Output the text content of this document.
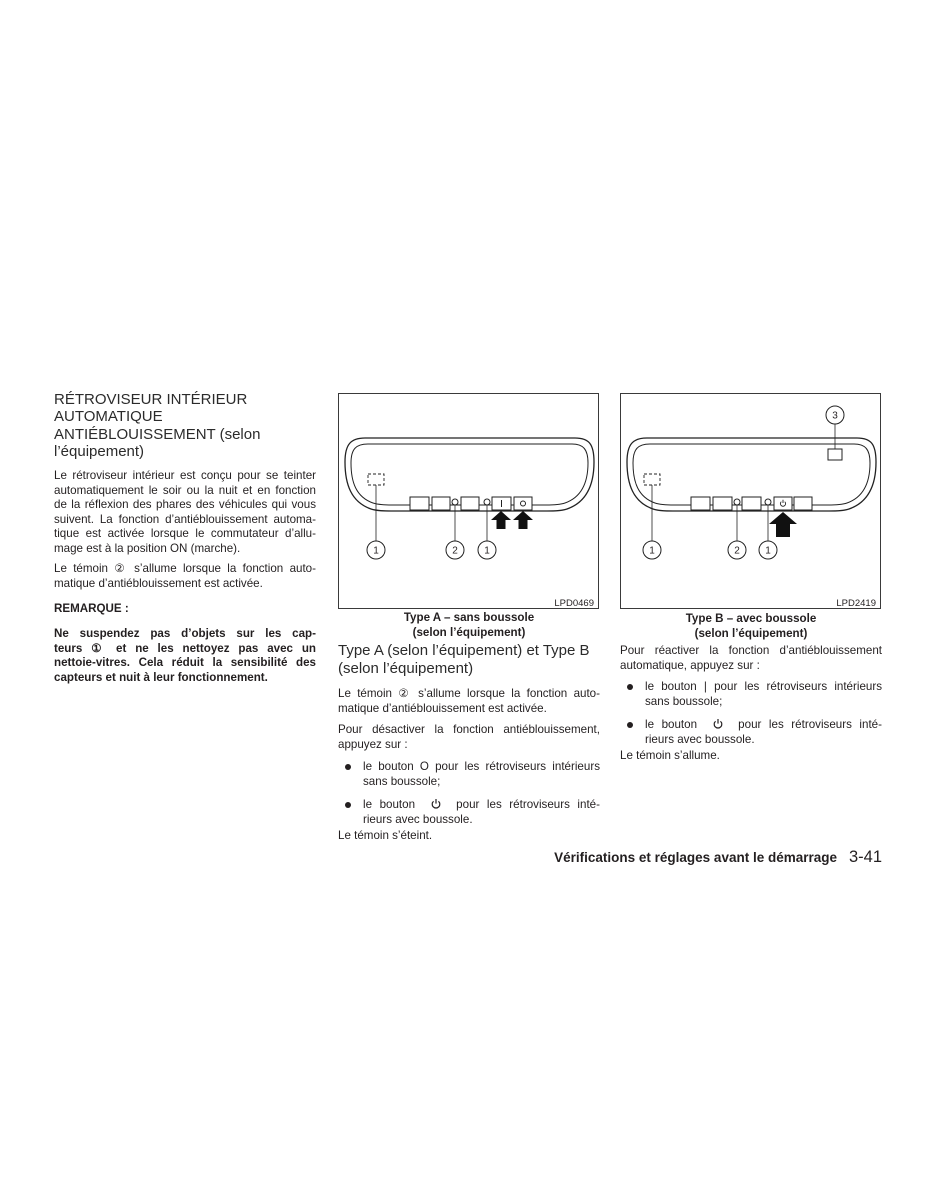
RÉTROVISEUR INTÉRIEUR
AUTOMATIQUE
ANTIÉBLOUISSEMENT (selon
l’équipement)
Le rétroviseur intérieur est conçu pour se teinter
automatiquement le soir ou la nuit et en fonction
de la réflexion des phares des véhicules qui vous
suivent. La fonction d’antiéblouissement automa-
tique est activée lorsque le commutateur d’allu-
mage est à la position ON (marche).
Le témoin ② s’allume lorsque la fonction auto-
matique d’antiéblouissement est activée.
REMARQUE :
Ne suspendez pas d’objets sur les cap-
teurs ① et ne les nettoyez pas avec un
nettoie-vitres. Cela réduit la sensibilité des
capteurs et nuit à leur fonctionnement.
1	2	1
LPD0469
Type A – sans boussole
(selon l’équipement)
Type A (selon l’équipement) et Type B
(selon l’équipement)
Le témoin ② s’allume lorsque la fonction auto-
matique d’antiéblouissement est activée.
Pour désactiver la fonction antiéblouissement,
appuyez sur :
le bouton O pour les rétroviseurs intérieurs
sans boussole;
le bouton	pour les rétroviseurs inté-
rieurs avec boussole.
Le témoin s’éteint.
3
1	2	1
LPD2419
Type B – avec boussole
(selon l’équipement)
Pour réactiver la fonction d’antiéblouissement
automatique, appuyez sur :
le bouton | pour les rétroviseurs intérieurs
sans boussole;
le bouton	pour les rétroviseurs inté-
rieurs avec boussole.
Le témoin s’allume.
Vérifications et réglages avant le démarrage 3-41
